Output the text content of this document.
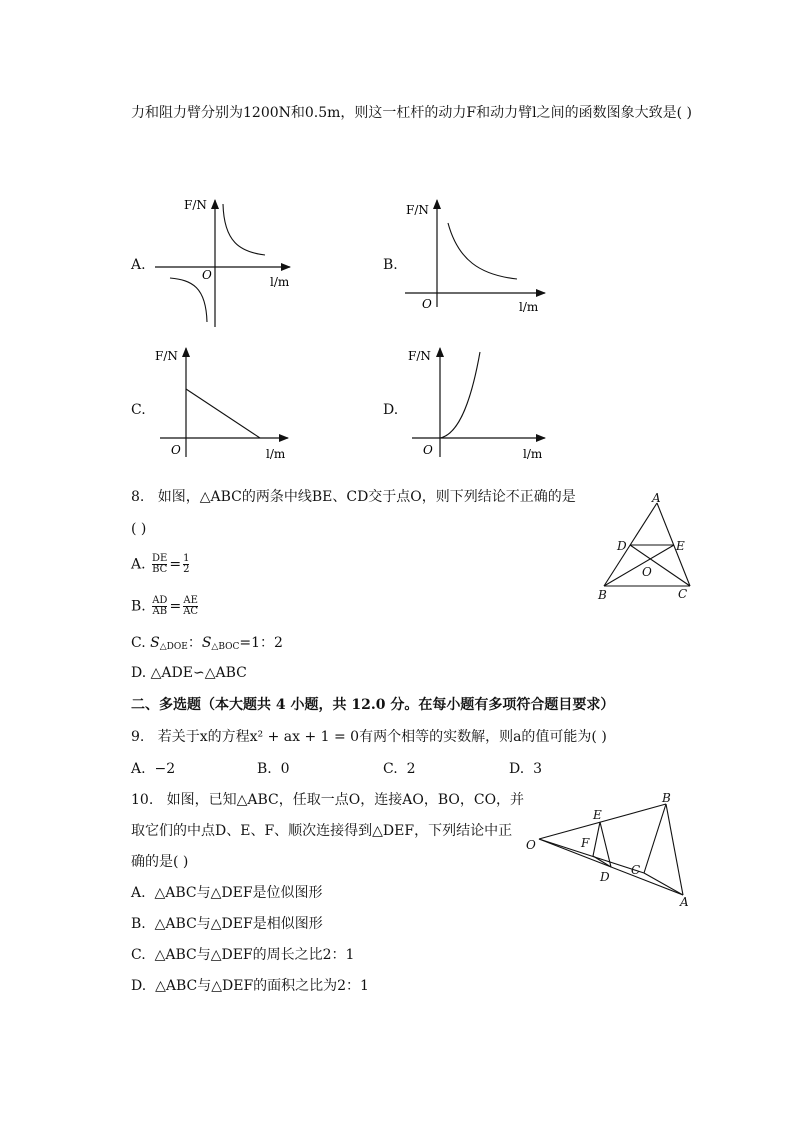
力和阻力臂分别为1200N和0.5m，则这一杠杆的动力F和动力臂l之间的函数图象大致是( )
A.
F/N
O	l/m
B.
F/N
O	l/m
C.
F/N
O	l/m
D.
F/N
O	l/m
8. 如图，△ABC的两条中线BE、CD交于点O，则下列结论不正确的是
( )
A. $\frac{DE}{BC} = \frac{1}{2}$
B. $\frac{AD}{AB} = \frac{AE}{AC}$
C. $S_{\triangle DOE}$：$S_{\triangle BOC}=1$：2
D. △ADE∽△ABC
A
D	E
O
B	C
二、多选题（本大题共 4 小题，共 12.0 分。在每小题有多项符合题目要求）
9. 若关于x的方程x² + ax + 1 = 0有两个相等的实数解，则a的值可能为( )
A. −2	B. 0	C. 2	D. 3
10. 如图，已知△ABC，任取一点O，连接AO，BO，CO，并
取它们的中点D、E、F、顺次连接得到△DEF，下列结论中正
确的是( )
A. △ABC与△DEF是位似图形
B. △ABC与△DEF是相似图形
C. △ABC与△DEF的周长之比2：1
D. △ABC与△DEF的面积之比为2：1
O
E
B
F
C
D
A
